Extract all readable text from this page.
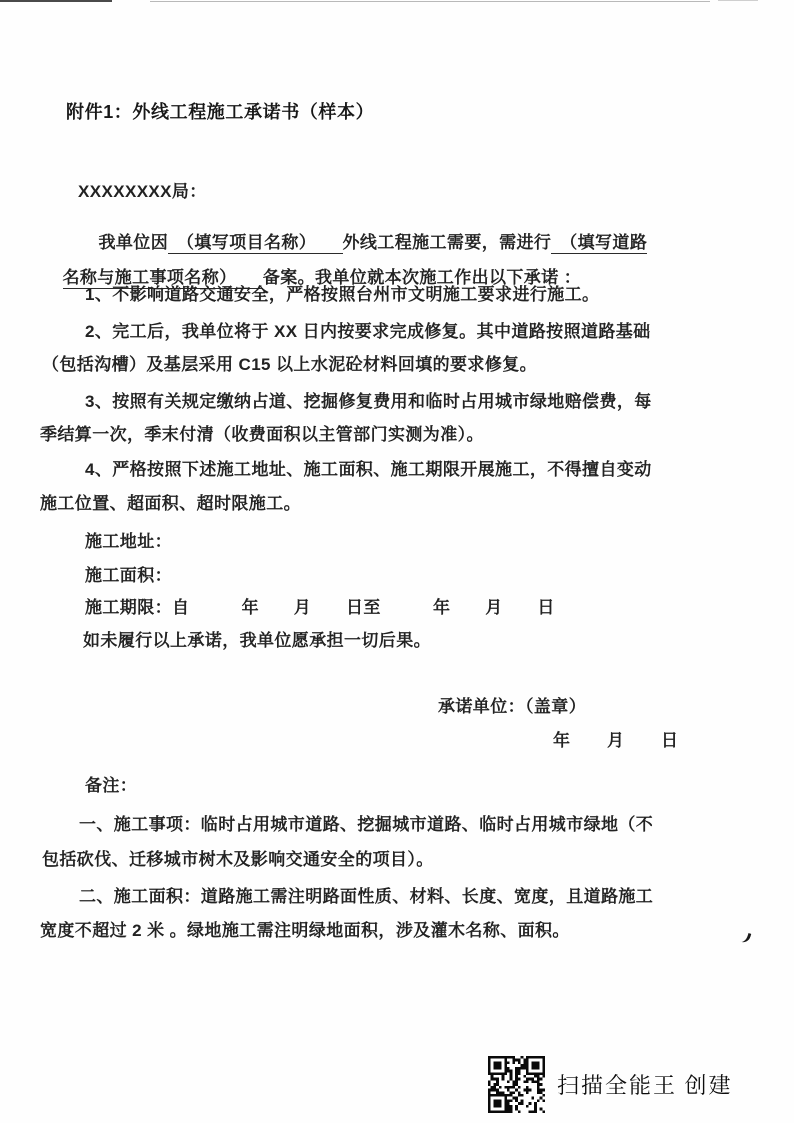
附件1：外线工程施工承诺书（样本）
XXXXXXXX局：

我单位因　（填写项目名称）　　外线工程施工需要，需进行　（填写道路

名称与施工事项名称）　　备案。我单位就本次施工作出以下承诺 ：

1、不影响道路交通安全，严格按照台州市文明施工要求进行施工。
2、完工后，我单位将于 XX 日内按要求完成修复。其中道路按照道路基础
（包括沟槽）及基层采用 C15 以上水泥砼材料回填的要求修复。
3、按照有关规定缴纳占道、挖掘修复费用和临时占用城市绿地赔偿费，每
季结算一次，季末付清（收费面积以主管部门实测为准）。
4、严格按照下述施工地址、施工面积、施工期限开展施工，不得擅自变动
施工位置、超面积、超时限施工。
施工地址：
施工面积：
施工期限：自　　　年　　月　　日至　　　年　　月　　日
如未履行以上承诺，我单位愿承担一切后果。
承诺单位：（盖章）
年　　月　　日
备注：
一、施工事项：临时占用城市道路、挖掘城市道路、临时占用城市绿地（不
包括砍伐、迁移城市树木及影响交通安全的项目）。
二、施工面积：道路施工需注明路面性质、材料、长度、宽度，且道路施工
宽度不超过 2 米 。绿地施工需注明绿地面积，涉及灌木名称、面积。
扫描全能王 创建
